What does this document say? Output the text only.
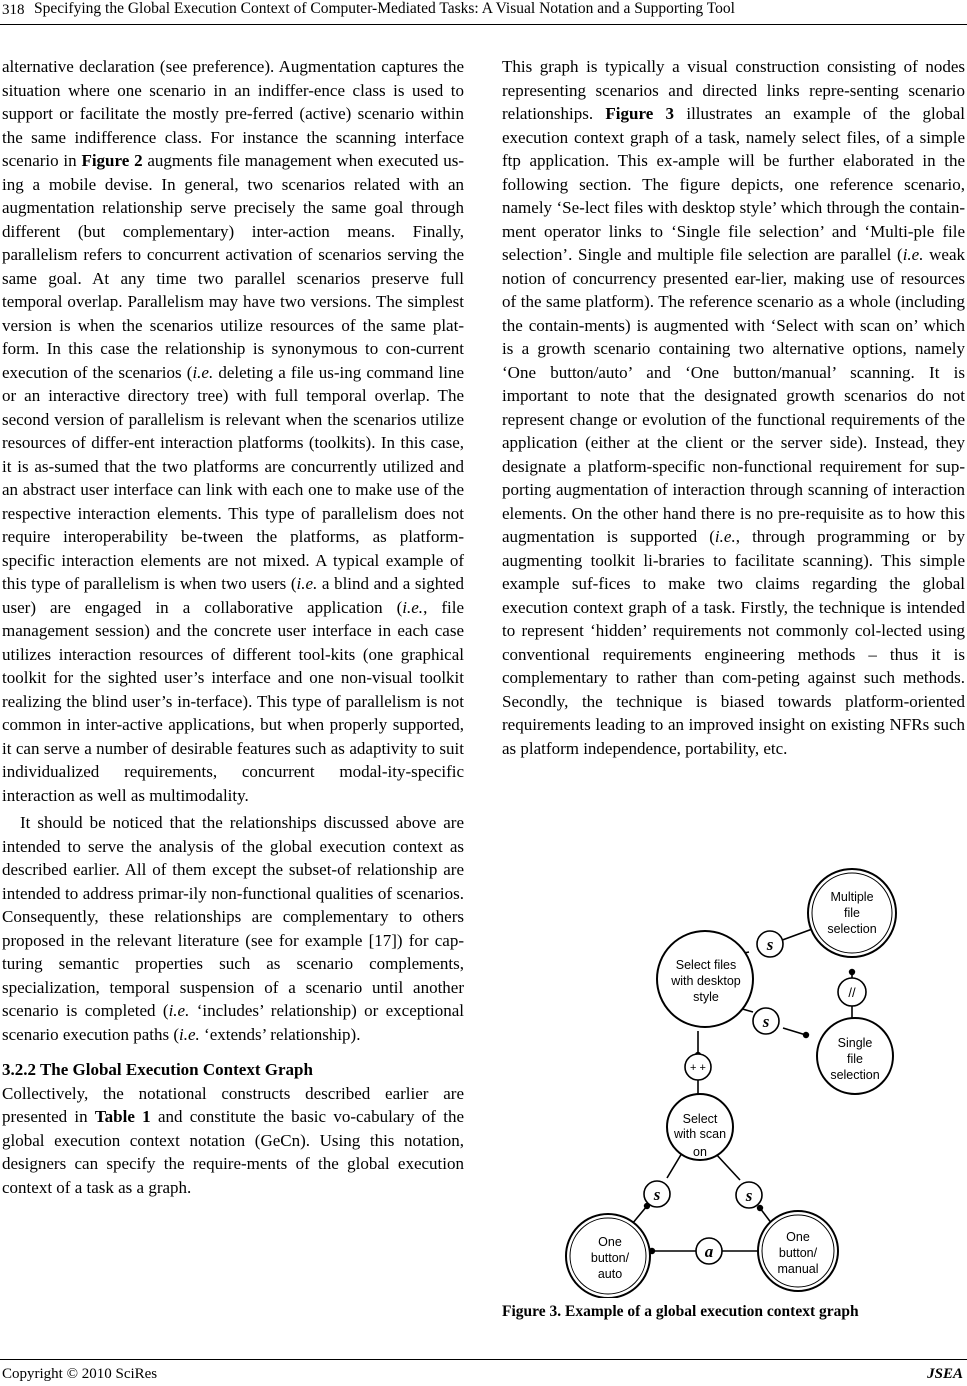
318 Specifying the Global Execution Context of Computer-Mediated Tasks: A Visual Notation and a Supporting Tool

alternative declaration (see preference). Augmentation captures the situation where one scenario in an indiffer-ence class is used to support or facilitate the mostly pre-ferred (active) scenario within the same indifference class. For instance the scanning interface scenario in Figure 2 augments file management when executed us-ing a mobile devise. In general, two scenarios related with an augmentation relationship serve precisely the same goal through different (but complementary) inter-action means. Finally, parallelism refers to concurrent activation of scenarios serving the same goal. At any time two parallel scenarios preserve full temporal overlap. Parallelism may have two versions. The simplest version is when the scenarios utilize resources of the same plat-form. In this case the relationship is synonymous to con-current execution of the scenarios (i.e. deleting a file us-ing command line or an interactive directory tree) with full temporal overlap. The second version of parallelism is relevant when the scenarios utilize resources of differ-ent interaction platforms (toolkits). In this case, it is as-sumed that the two platforms are concurrently utilized and an abstract user interface can link with each one to make use of the respective interaction elements. This type of parallelism does not require interoperability be-tween the platforms, as platform-specific interaction elements are not mixed. A typical example of this type of parallelism is when two users (i.e. a blind and a sighted user) are engaged in a collaborative application (i.e., file management session) and the concrete user interface in each case utilizes interaction resources of different tool-kits (one graphical toolkit for the sighted user’s interface and one non-visual toolkit realizing the blind user’s in-terface). This type of parallelism is not common in inter-active applications, but when properly supported, it can serve a number of desirable features such as adaptivity to suit individualized requirements, concurrent modal-ity-specific interaction as well as multimodality.

It should be noticed that the relationships discussed above are intended to serve the analysis of the global execution context as described earlier. All of them except the subset-of relationship are intended to address primar-ily non-functional qualities of scenarios. Consequently, these relationships are complementary to others proposed in the relevant literature (see for example [17]) for cap-turing semantic properties such as scenario complements, specialization, temporal suspension of a scenario until another scenario is completed (i.e. ‘includes’ relationship) or exceptional scenario execution paths (i.e. ‘extends’ relationship).

3.2.2 The Global Execution Context Graph

Collectively, the notational constructs described earlier are presented in Table 1 and constitute the basic vo-cabulary of the global execution context notation (GeCn). Using this notation, designers can specify the require-ments of the global execution context of a task as a graph.

This graph is typically a visual construction consisting of nodes representing scenarios and directed links repre-senting scenario relationships. Figure 3 illustrates an example of the global execution context graph of a task, namely select files, of a simple ftp application. This ex-ample will be further elaborated in the following section. The figure depicts, one reference scenario, namely ‘Se-lect files with desktop style’ which through the contain-ment operator links to ‘Single file selection’ and ‘Multi-ple file selection’. Single and multiple file selection are parallel (i.e. weak notion of concurrency presented ear-lier, making use of resources of the same platform). The reference scenario as a whole (including the contain-ments) is augmented with ‘Select with scan on’ which is a growth scenario containing two alternative options, namely ‘One button/auto’ and ‘One button/manual’ scanning. It is important to note that the designated growth scenarios do not represent change or evolution of the functional requirements of the application (either at the client or the server side). Instead, they designate a platform-specific non-functional requirement for sup-porting augmentation of interaction through scanning of interaction elements. On the other hand there is no pre-requisite as to how this augmentation is supported (i.e., through programming or by augmenting toolkit li-braries to facilitate scanning). This simple example suf-fices to make two claims regarding the global execution context graph of a task. Firstly, the technique is intended to represent ‘hidden’ requirements not commonly col-lected using conventional requirements engineering methods – thus it is complementary to rather than com-peting against such methods. Secondly, the technique is biased towards platform-oriented requirements leading to an improved insight on existing NFRs such as platform independence, portability, etc.

Multiple
file
selection
Select files
with desktop
style
Single
file
selection
Select
with scan
on
One
button/
auto
One
button/
manual
s
s
//
+ +
s	s
a
Figure 3. Example of a global execution context graph
Copyright © 2010 SciRes	JSEA
